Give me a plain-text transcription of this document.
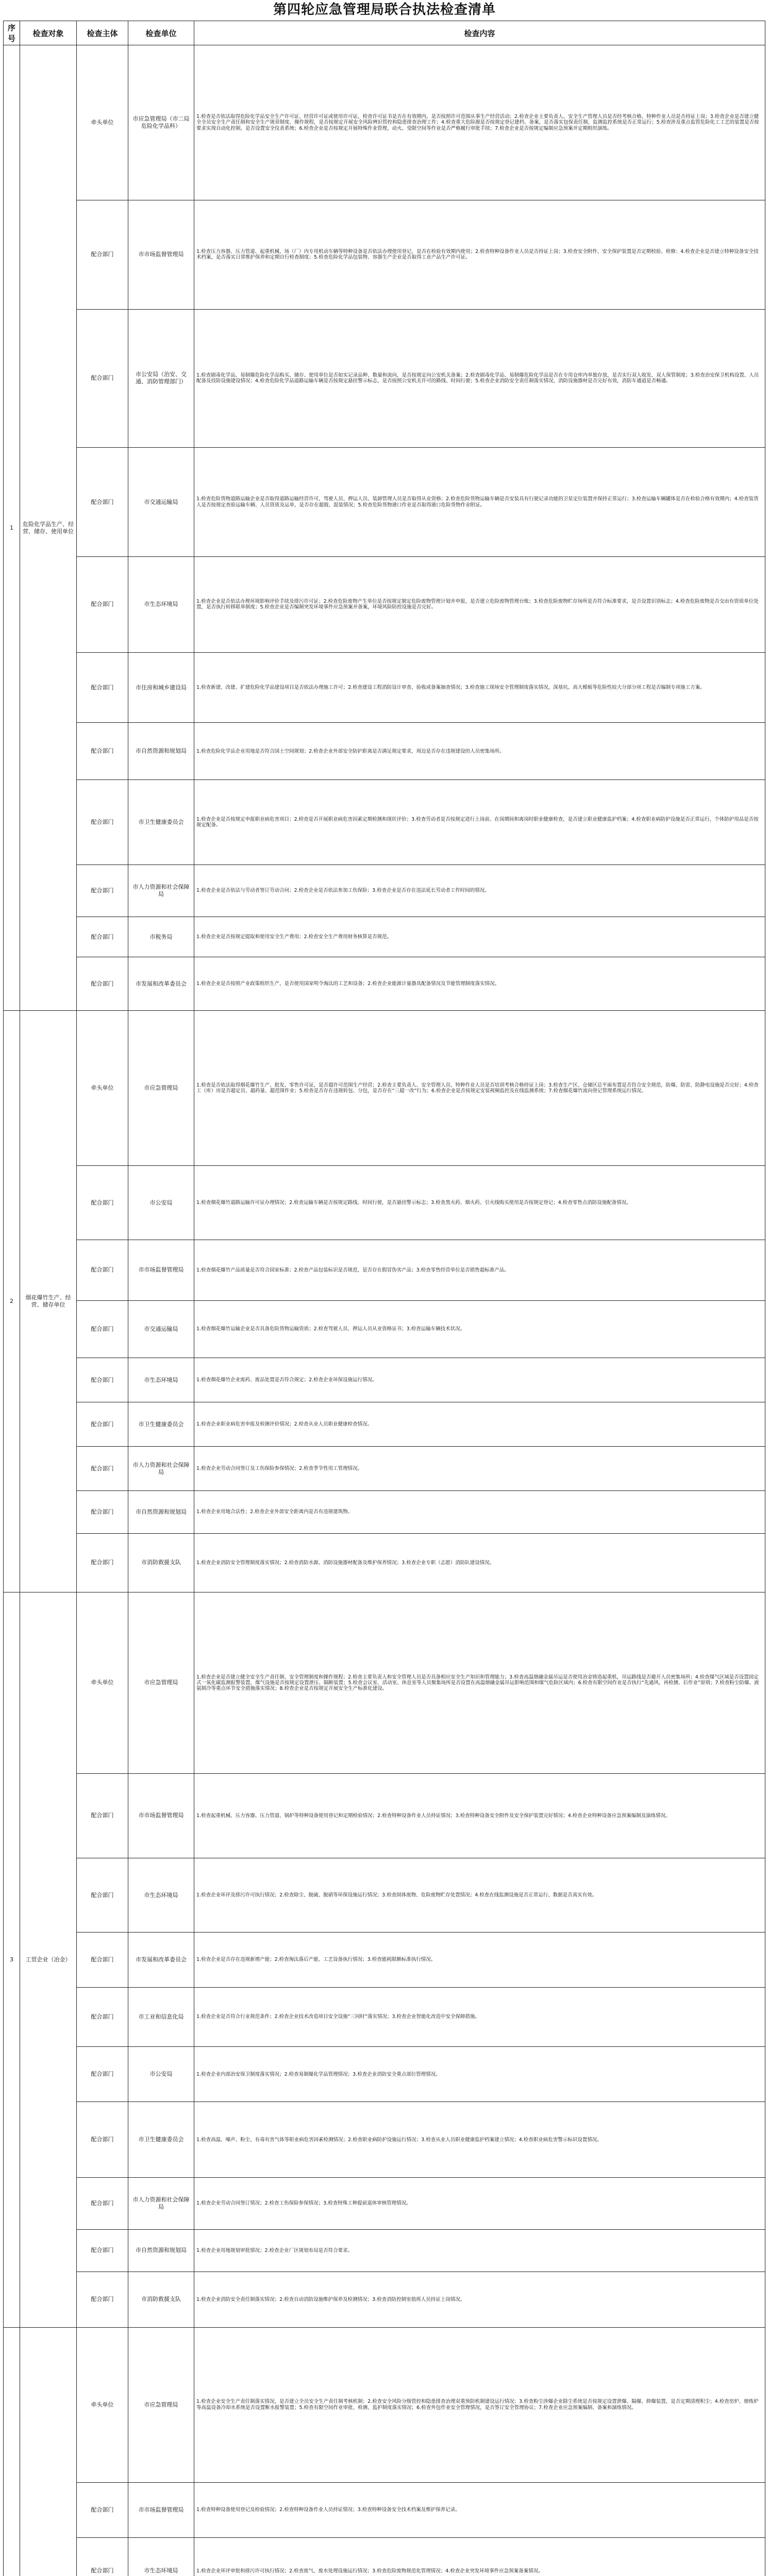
第四轮应急管理局联合执法检查清单
序号	检查对象	检查主体	检查单位	检查内容
1	危险化学品生产、经营、储存、使用单位	牵头单位	市应急管理局（市二局危险化学品科）	1.检查是否依法取得危险化学品安全生产许可证、经营许可证或使用许可证，检查许可证书是否在有效期内，是否按照许可范围从事生产经营活动；2.检查企业主要负责人、安全生产管理人员是否经考核合格，特种作业人员是否持证上岗；3.检查企业是否建立健全全员安全生产责任制和安全生产规章制度、操作规程，是否按规定开展安全风险辨识管控和隐患排查治理工作；4.检查重大危险源是否按规定登记建档、备案，是否落实包保责任制，监测监控系统是否正常运行；5.检查涉及重点监管危险化工工艺的装置是否按要求实现自动化控制，是否设置安全仪表系统；6.检查企业是否按规定开展特殊作业管理，动火、受限空间等作业是否严格履行审批手续；7.检查企业是否按规定编制应急预案并定期组织演练。
		配合部门	市市场监督管理局	1.检查压力容器、压力管道、起重机械、场（厂）内专用机动车辆等特种设备是否依法办理使用登记，是否在检验有效期内使用；2.检查特种设备作业人员是否持证上岗；3.检查安全附件、安全保护装置是否定期校验、检修；4.检查企业是否建立特种设备安全技术档案，是否落实日常维护保养和定期自行检查制度；5.检查危险化学品包装物、容器生产企业是否取得工业产品生产许可证。
		配合部门	市公安局（治安、交通、消防管理部门）	1.检查剧毒化学品、易制爆危险化学品购买、储存、使用单位是否如实记录品种、数量和流向，是否按规定向公安机关备案；2.检查剧毒化学品、易制爆危险化学品是否在专用仓库内单独存放，是否实行双人收发、双人保管制度；3.检查治安保卫机构设置、人员配备及技防设施建设情况；4.检查危险化学品道路运输车辆是否按规定悬挂警示标志，是否按照公安机关许可的路线、时间行驶；5.检查企业消防安全责任制落实情况，消防设施器材是否完好有效，消防车通道是否畅通。
		配合部门	市交通运输局	1.检查危险货物道路运输企业是否取得道路运输经营许可，驾驶人员、押运人员、装卸管理人员是否取得从业资格；2.检查危险货物运输车辆是否安装具有行驶记录功能的卫星定位装置并保持正常运行；3.检查运输车辆罐体是否在检验合格有效期内；4.检查装货人是否按规定查验运输车辆、人员资质及运单，是否存在超载、混装情况；5.检查危险货物港口作业是否取得港口危险货物作业附证。
		配合部门	市生态环境局	1.检查企业是否依法办理环境影响评价手续及排污许可证；2.检查危险废物产生单位是否按规定制定危险废物管理计划并申报，是否建立危险废物管理台账；3.检查危险废物贮存场所是否符合标准要求，是否设置识别标志；4.检查危险废物是否交由有资质单位处置，是否执行转移联单制度；5.检查企业是否编制突发环境事件应急预案并备案，环境风险防控设施是否完好。
		配合部门	市住房和城乡建设局	1.检查新建、改建、扩建危险化学品建设项目是否依法办理施工许可；2.检查建设工程消防设计审查、验收或备案抽查情况；3.检查施工现场安全管理制度落实情况，深基坑、高大模板等危险性较大分部分项工程是否编制专项施工方案。
		配合部门	市自然资源和规划局	1.检查危险化学品企业用地是否符合国土空间规划；2.检查企业外部安全防护距离是否满足规定要求，周边是否存在违规建设的人员密集场所。
		配合部门	市卫生健康委员会	1.检查企业是否按规定申报职业病危害项目；2.检查是否开展职业病危害因素定期检测和现状评价；3.检查劳动者是否按规定进行上岗前、在岗期间和离岗时职业健康检查，是否建立职业健康监护档案；4.检查职业病防护设施是否正常运行，个体防护用品是否按规定配备。
		配合部门	市人力资源和社会保障局	1.检查企业是否依法与劳动者签订劳动合同；2.检查企业是否依法参加工伤保险；3.检查企业是否存在违法延长劳动者工作时间的情况。
		配合部门	市税务局	1.检查企业是否按规定提取和使用安全生产费用；2.检查安全生产费用财务核算是否规范。
		配合部门	市发展和改革委员会	1.检查企业是否按照产业政策组织生产，是否使用国家明令淘汰的工艺和设备；2.检查企业能源计量器具配备情况及节能管理制度落实情况。
2	烟花爆竹生产、经营、储存单位	牵头单位	市应急管理局	1.检查是否依法取得烟花爆竹生产、批发、零售许可证，是否超许可范围生产经营；2.检查主要负责人、安全管理人员、特种作业人员是否培训考核合格持证上岗；3.检查生产区、仓储区总平面布置是否符合安全规范，防爆、防雷、防静电设施是否完好；4.检查工（库）房是否超定员、超药量、超范围作业；5.检查是否存在违规转包、分包，是否存在“三超一改”行为；6.检查企业是否按规定安装视频监控及在线监测系统；7.检查烟花爆竹流向登记管理系统运行情况。
		配合部门	市公安局	1.检查烟花爆竹道路运输许可证办理情况；2.检查运输车辆是否按规定路线、时间行驶，是否悬挂警示标志；3.检查黑火药、烟火药、引火线购买使用是否按规定登记；4.检查零售点消防设施配备情况。
		配合部门	市市场监督管理局	1.检查烟花爆竹产品质量是否符合国家标准；2.检查产品包装标识是否规范，是否存在假冒伪劣产品；3.检查零售经营单位是否销售超标准产品。
		配合部门	市交通运输局	1.检查烟花爆竹运输企业是否具备危险货物运输资质；2.检查驾驶人员、押运人员从业资格证书；3.检查运输车辆技术状况。
		配合部门	市生态环境局	1.检查烟花爆竹企业废药、废品处置是否符合规定；2.检查企业环保设施运行情况。
		配合部门	市卫生健康委员会	1.检查企业职业病危害申报及检测评价情况；2.检查从业人员职业健康检查情况。
		配合部门	市人力资源和社会保障局	1.检查企业劳动合同签订及工伤保险参保情况；2.检查季节性用工管理情况。
		配合部门	市自然资源和规划局	1.检查企业用地合法性；2.检查企业外部安全距离内是否有违规建筑物。
		配合部门	市消防救援支队	1.检查企业消防安全管理制度落实情况；2.检查消防水源、消防设施器材配备及维护保养情况；3.检查企业专职（志愿）消防队建设情况。
3	工贸企业（冶金）	牵头单位	市应急管理局	1.检查企业是否建立健全安全生产责任制、安全管理制度和操作规程；2.检查主要负责人和安全管理人员是否具备相应安全生产知识和管理能力；3.检查高温熔融金属吊运是否使用冶金铸造起重机，吊运路线是否避开人员密集场所；4.检查煤气区域是否设置固定式一氧化碳监测报警装置，煤气设施是否按规定设置泄压、隔断装置；5.检查会议室、活动室、休息室等人员聚集场所是否设置在高温熔融金属吊运影响范围和煤气危险区域内；6.检查有限空间作业是否执行“先通风、再检测、后作业”原则；7.检查粉尘防爆、液氨制冷等重点环节安全措施落实情况；8.检查企业是否按规定开展安全生产标准化建设。
		配合部门	市市场监督管理局	1.检查起重机械、压力容器、压力管道、锅炉等特种设备使用登记和定期检验情况；2.检查特种设备作业人员持证情况；3.检查特种设备安全附件及安全保护装置完好情况；4.检查企业特种设备应急预案编制及演练情况。
		配合部门	市生态环境局	1.检查企业环评及排污许可执行情况；2.检查除尘、脱硫、脱硝等环保设施运行情况；3.检查固体废物、危险废物贮存处置情况；4.检查在线监测设施是否正常运行、数据是否真实有效。
		配合部门	市发展和改革委员会	1.检查企业是否存在违规新增产能；2.检查淘汰落后产能、工艺设备执行情况；3.检查能耗限额标准执行情况。
		配合部门	市工业和信息化局	1.检查企业是否符合行业规范条件；2.检查企业技术改造项目安全设施“三同时”落实情况；3.检查企业智能化改造中安全保障措施。
		配合部门	市公安局	1.检查企业内部治安保卫制度落实情况；2.检查易制爆化学品管理情况；3.检查企业消防安全重点部位管理情况。
		配合部门	市卫生健康委员会	1.检查高温、噪声、粉尘、有毒有害气体等职业病危害因素检测情况；2.检查职业病防护设施运行情况；3.检查从业人员职业健康监护档案建立情况；4.检查职业病危害警示标识设置情况。
		配合部门	市人力资源和社会保障局	1.检查企业劳动合同签订情况；2.检查工伤保险参保情况；3.检查特殊工种提前退休审核管理情况。
		配合部门	市自然资源和规划局	1.检查企业用地规划审批情况；2.检查企业厂区规划布局是否符合要求。
		配合部门	市消防救援支队	1.检查企业消防安全责任制落实情况；2.检查自动消防设施维护保养及检测情况；3.检查消防控制室值班人员持证上岗情况。
		牵头单位	市应急管理局	1.检查企业安全生产责任制落实情况，是否建立全员安全生产责任制考核机制；2.检查安全风险分级管控和隐患排查治理双重预防机制建设运行情况；3.检查粉尘涉爆企业除尘系统是否按规定设置泄爆、隔爆、抑爆装置，是否定期清理积尘；4.检查窑炉、熔炼炉等高温设备冷却水系统是否设置断水报警装置；5.检查有限空间作业审批、检测、监护制度落实情况；6.检查外包作业安全管理情况，是否签订安全管理协议；7.检查企业应急预案编制、备案和演练情况。
		配合部门	市市场监督管理局	1.检查特种设备使用登记及检验情况；2.检查特种设备作业人员持证情况；3.检查特种设备安全技术档案及维护保养记录。
		配合部门	市生态环境局	1.检查企业环评审批和排污许可执行情况；2.检查废气、废水处理设施运行情况；3.检查危险废物规范化管理情况；4.检查企业突发环境事件应急预案备案情况。
